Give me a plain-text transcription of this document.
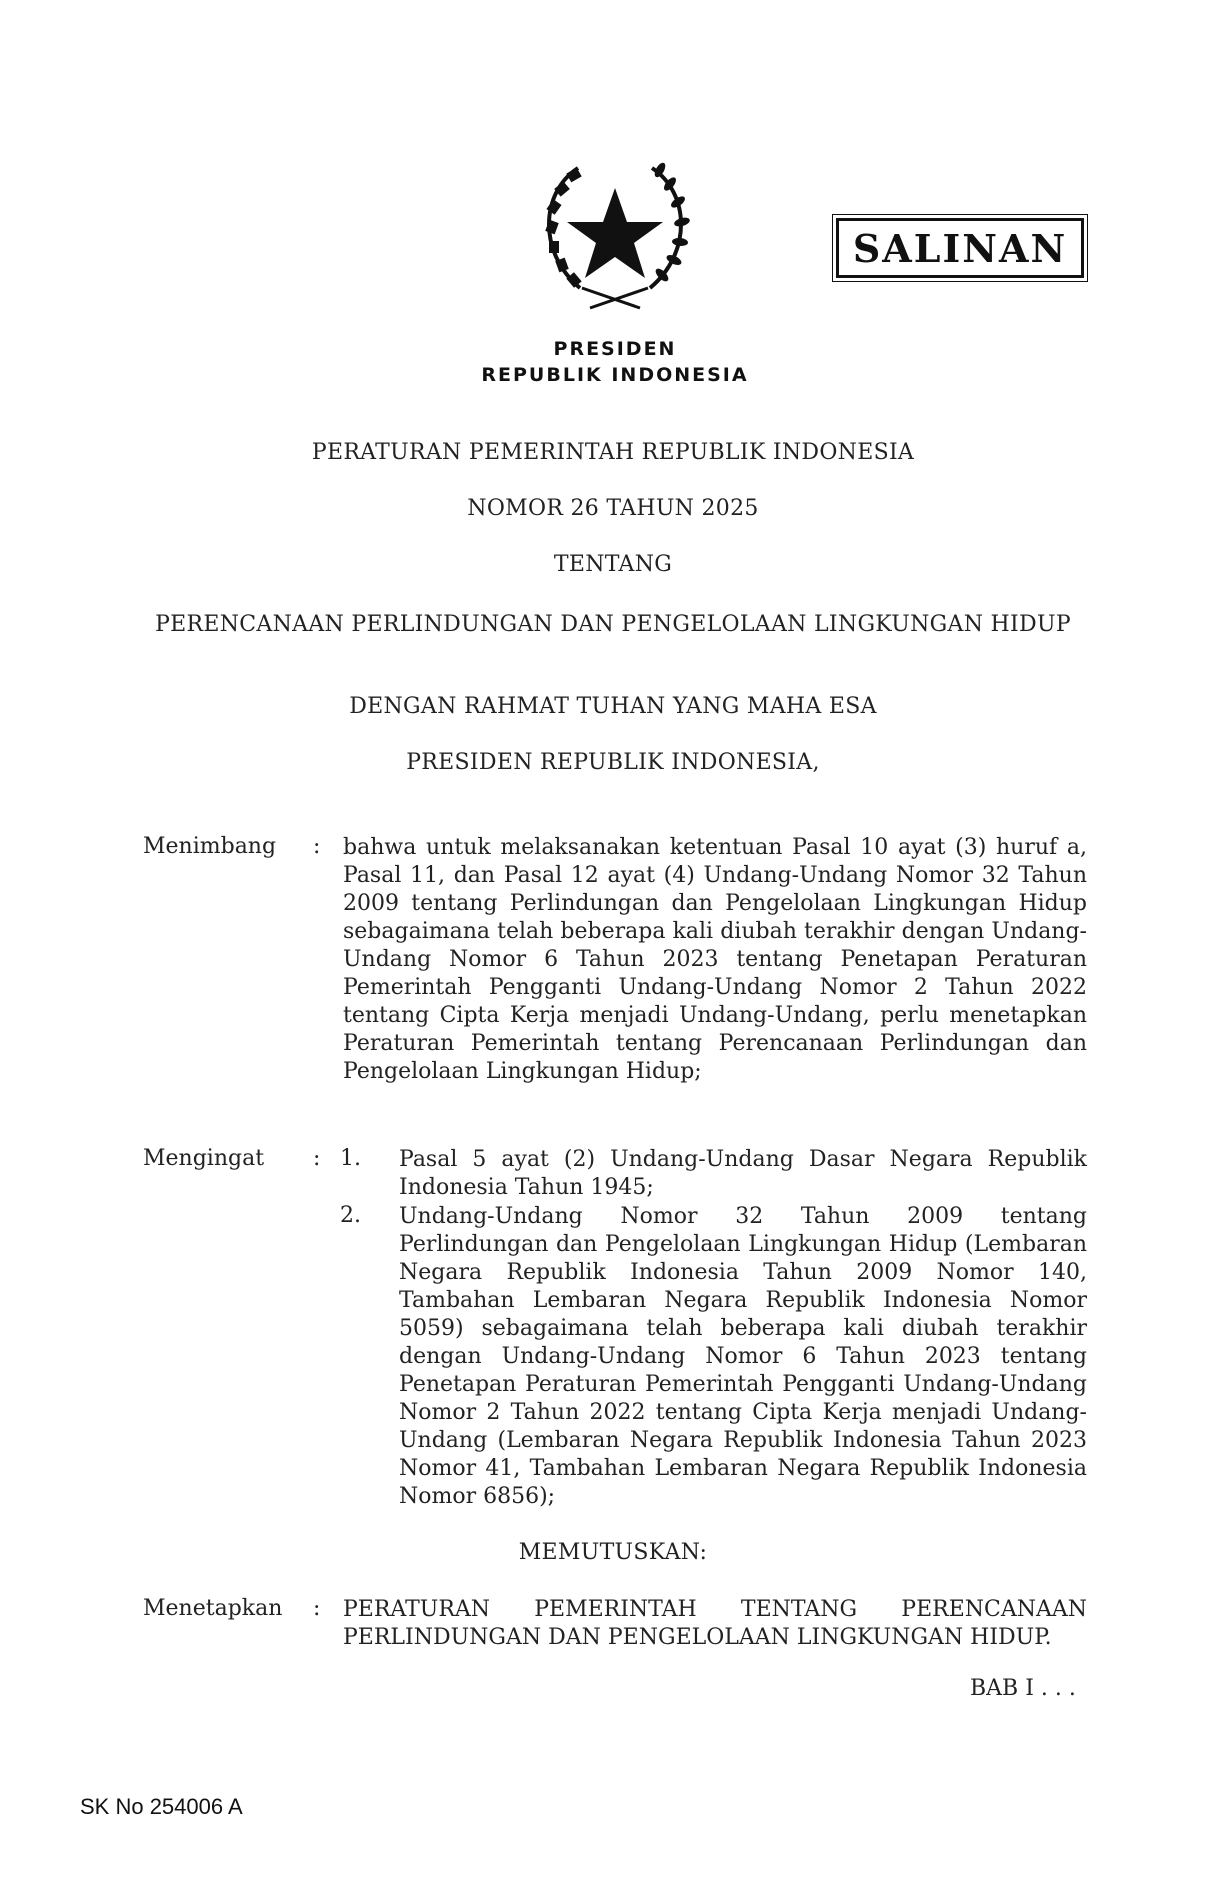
PRESIDEN
REPUBLIK INDONESIA
SALINAN
PERATURAN PEMERINTAH REPUBLIK INDONESIA
NOMOR 26 TAHUN 2025
TENTANG
PERENCANAAN PERLINDUNGAN DAN PENGELOLAAN LINGKUNGAN HIDUP
DENGAN RAHMAT TUHAN YANG MAHA ESA
PRESIDEN REPUBLIK INDONESIA,
Menimbang : bahwa untuk melaksanakan ketentuan Pasal 10 ayat (3) huruf a, Pasal 11, dan Pasal 12 ayat (4) Undang-Undang Nomor 32 Tahun 2009 tentang Perlindungan dan Pengelolaan Lingkungan Hidup sebagaimana telah beberapa kali diubah terakhir dengan Undang-Undang Nomor 6 Tahun 2023 tentang Penetapan Peraturan Pemerintah Pengganti Undang-Undang Nomor 2 Tahun 2022 tentang Cipta Kerja menjadi Undang-Undang, perlu menetapkan Peraturan Pemerintah tentang Perencanaan Perlindungan dan Pengelolaan Lingkungan Hidup;
Mengingat : 1. Pasal 5 ayat (2) Undang-Undang Dasar Negara Republik Indonesia Tahun 1945;
2. Undang-Undang Nomor 32 Tahun 2009 tentang Perlindungan dan Pengelolaan Lingkungan Hidup (Lembaran Negara Republik Indonesia Tahun 2009 Nomor 140, Tambahan Lembaran Negara Republik Indonesia Nomor 5059) sebagaimana telah beberapa kali diubah terakhir dengan Undang-Undang Nomor 6 Tahun 2023 tentang Penetapan Peraturan Pemerintah Pengganti Undang-Undang Nomor 2 Tahun 2022 tentang Cipta Kerja menjadi Undang-Undang (Lembaran Negara Republik Indonesia Tahun 2023 Nomor 41, Tambahan Lembaran Negara Republik Indonesia Nomor 6856);
MEMUTUSKAN:
Menetapkan : PERATURAN PEMERINTAH TENTANG PERENCANAAN PERLINDUNGAN DAN PENGELOLAAN LINGKUNGAN HIDUP.
BAB I . . .
SK No 254006 A
